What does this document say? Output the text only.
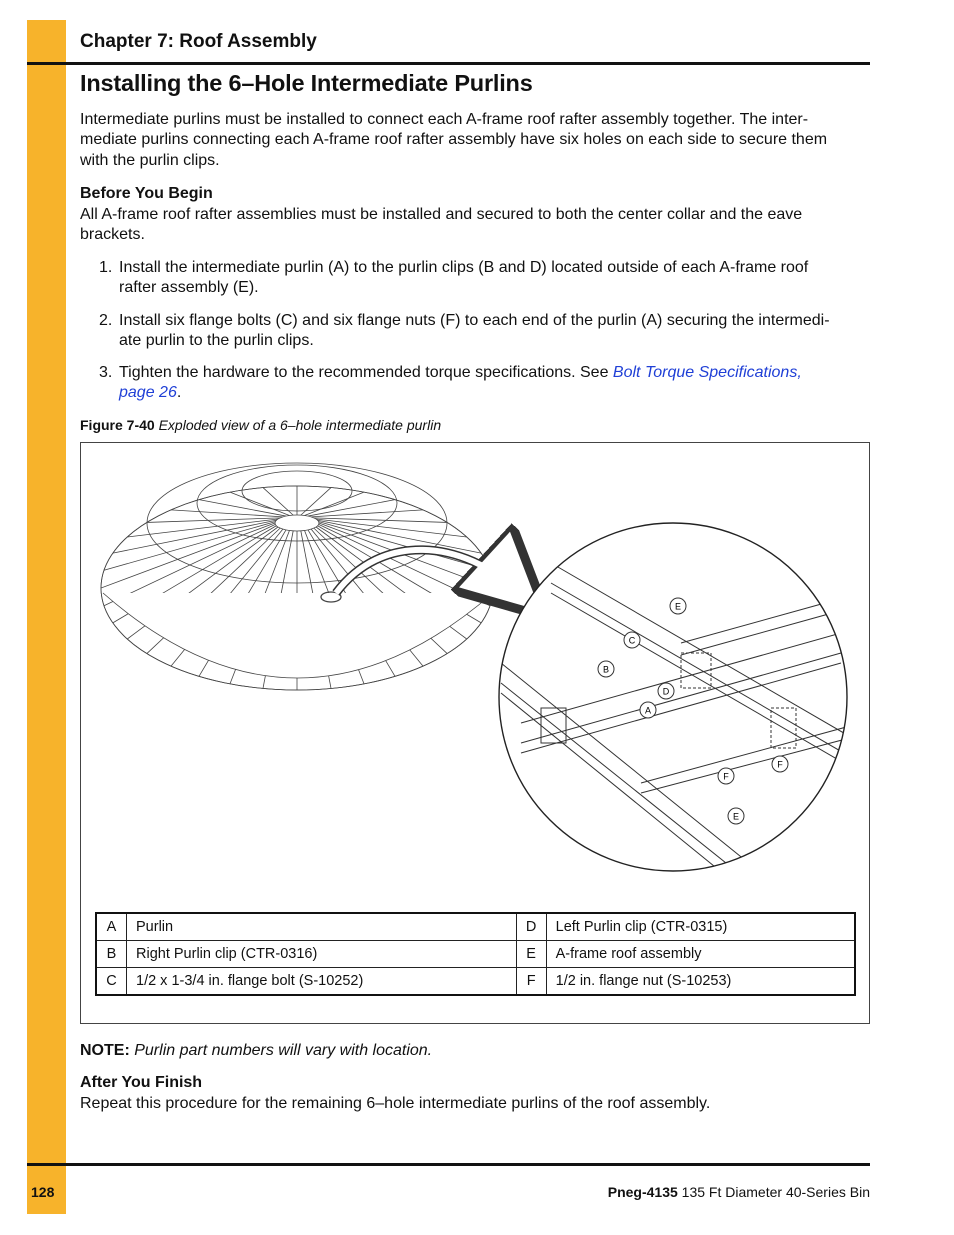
Chapter 7: Roof Assembly
Installing the 6–Hole Intermediate Purlins
Intermediate purlins must be installed to connect each A-frame roof rafter assembly together. The inter-
mediate purlins connecting each A-frame roof rafter assembly have six holes on each side to secure them
with the purlin clips.
Before You Begin
All A-frame roof rafter assemblies must be installed and secured to both the center collar and the eave
brackets.
1. Install the intermediate purlin (A) to the purlin clips (B and D) located outside of each A-frame roof
rafter assembly (E).
2. Install six flange bolts (C) and six flange nuts (F) to each end of the purlin (A) securing the intermedi-
ate purlin to the purlin clips.
3. Tighten the hardware to the recommended torque specifications. See Bolt Torque Specifications,
page 26.
Figure 7-40 Exploded view of a 6–hole intermediate purlin
E
C
B
D
A
F
F
E
A	Purlin	D	Left Purlin clip (CTR-0315)
B	Right Purlin clip (CTR-0316)	E	A-frame roof assembly
C	1/2 x 1-3/4 in. flange bolt (S-10252)	F	1/2 in. flange nut (S-10253)
NOTE: Purlin part numbers will vary with location.
After You Finish
Repeat this procedure for the remaining 6–hole intermediate purlins of the roof assembly.
128	Pneg-4135 135 Ft Diameter 40-Series Bin
